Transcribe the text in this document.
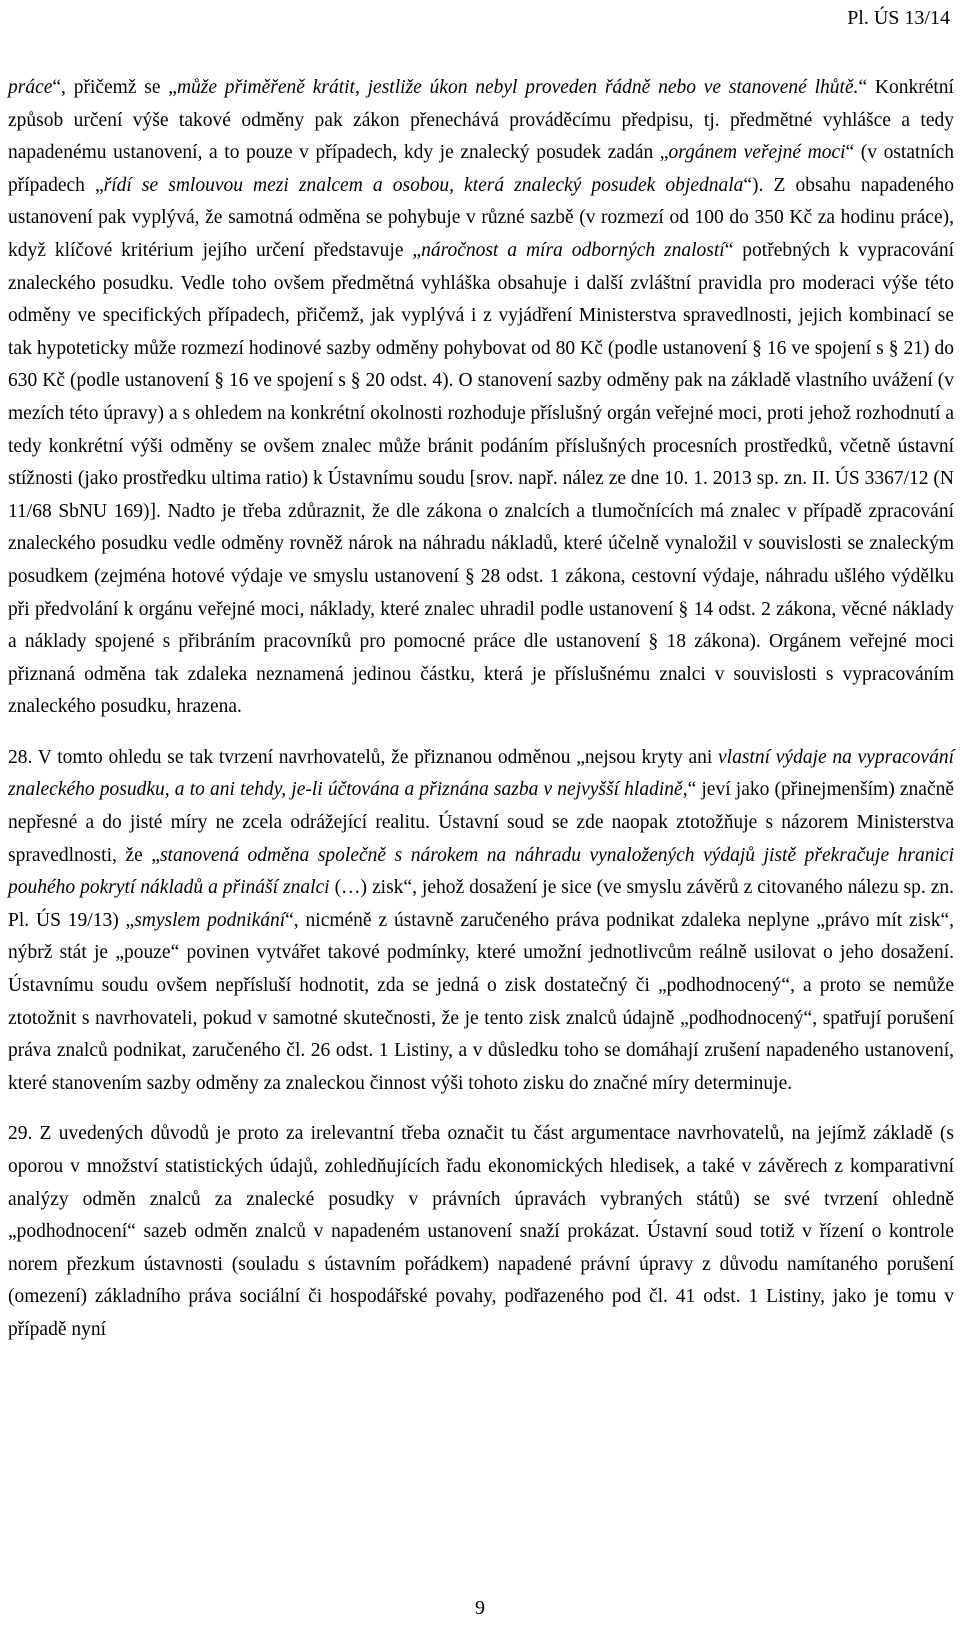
Pl. ÚS 13/14

práce“, přičemž se „může přiměřeně krátit, jestliže úkon nebyl proveden řádně nebo ve stanovené lhůtě.“ Konkrétní způsob určení výše takové odměny pak zákon přenechává prováděcímu předpisu, tj. předmětné vyhlášce a tedy napadenému ustanovení, a to pouze v případech, kdy je znalecký posudek zadán „orgánem veřejné moci“ (v ostatních případech „řídí se smlouvou mezi znalcem a osobou, která znalecký posudek objednala“). Z obsahu napadeného ustanovení pak vyplývá, že samotná odměna se pohybuje v různé sazbě (v rozmezí od 100 do 350 Kč za hodinu práce), když klíčové kritérium jejího určení představuje „náročnost a míra odborných znalostí“ potřebných k vypracování znaleckého posudku. Vedle toho ovšem předmětná vyhláška obsahuje i další zvláštní pravidla pro moderaci výše této odměny ve specifických případech, přičemž, jak vyplývá i z vyjádření Ministerstva spravedlnosti, jejich kombinací se tak hypoteticky může rozmezí hodinové sazby odměny pohybovat od 80 Kč (podle ustanovení § 16 ve spojení s § 21) do 630 Kč (podle ustanovení § 16 ve spojení s § 20 odst. 4). O stanovení sazby odměny pak na základě vlastního uvážení (v mezích této úpravy) a s ohledem na konkrétní okolnosti rozhoduje příslušný orgán veřejné moci, proti jehož rozhodnutí a tedy konkrétní výši odměny se ovšem znalec může bránit podáním příslušných procesních prostředků, včetně ústavní stížnosti (jako prostředku ultima ratio) k Ústavnímu soudu [srov. např. nález ze dne 10. 1. 2013 sp. zn. II. ÚS 3367/12 (N 11/68 SbNU 169)]. Nadto je třeba zdůraznit, že dle zákona o znalcích a tlumočnících má znalec v případě zpracování znaleckého posudku vedle odměny rovněž nárok na náhradu nákladů, které účelně vynaložil v souvislosti se znaleckým posudkem (zejména hotové výdaje ve smyslu ustanovení § 28 odst. 1 zákona, cestovní výdaje, náhradu ušlého výdělku při předvolání k orgánu veřejné moci, náklady, které znalec uhradil podle ustanovení § 14 odst. 2 zákona, věcné náklady a náklady spojené s přibráním pracovníků pro pomocné práce dle ustanovení § 18 zákona). Orgánem veřejné moci přiznaná odměna tak zdaleka neznamená jedinou částku, která je příslušnému znalci v souvislosti s vypracováním znaleckého posudku, hrazena.

28. V tomto ohledu se tak tvrzení navrhovatelů, že přiznanou odměnou „nejsou kryty ani vlastní výdaje na vypracování znaleckého posudku, a to ani tehdy, je-li účtována a přiznána sazba v nejvyšší hladině,“ jeví jako (přinejmenším) značně nepřesné a do jisté míry ne zcela odrážející realitu. Ústavní soud se zde naopak ztotožňuje s názorem Ministerstva spravedlnosti, že „stanovená odměna společně s nárokem na náhradu vynaložených výdajů jistě překračuje hranici pouhého pokrytí nákladů a přináší znalci (…) zisk“, jehož dosažení je sice (ve smyslu závěrů z citovaného nálezu sp. zn. Pl. ÚS 19/13) „smyslem podnikání“, nicméně z ústavně zaručeného práva podnikat zdaleka neplyne „právo mít zisk“, nýbrž stát je „pouze“ povinen vytvářet takové podmínky, které umožní jednotlivcům reálně usilovat o jeho dosažení. Ústavnímu soudu ovšem nepřísluší hodnotit, zda se jedná o zisk dostatečný či „podhodnocený“, a proto se nemůže ztotožnit s navrhovateli, pokud v samotné skutečnosti, že je tento zisk znalců údajně „podhodnocený“, spatřují porušení práva znalců podnikat, zaručeného čl. 26 odst. 1 Listiny, a v důsledku toho se domáhají zrušení napadeného ustanovení, které stanovením sazby odměny za znaleckou činnost výši tohoto zisku do značné míry determinuje.

29. Z uvedených důvodů je proto za irelevantní třeba označit tu část argumentace navrhovatelů, na jejímž základě (s oporou v množství statistických údajů, zohledňujících řadu ekonomických hledisek, a také v závěrech z komparativní analýzy odměn znalců za znalecké posudky v právních úpravách vybraných států) se své tvrzení ohledně „podhodnocení“ sazeb odměn znalců v napadeném ustanovení snaží prokázat. Ústavní soud totiž v řízení o kontrole norem přezkum ústavnosti (souladu s ústavním pořádkem) napadené právní úpravy z důvodu namítaného porušení (omezení) základního práva sociální či hospodářské povahy, podřazeného pod čl. 41 odst. 1 Listiny, jako je tomu v případě nyní

9
